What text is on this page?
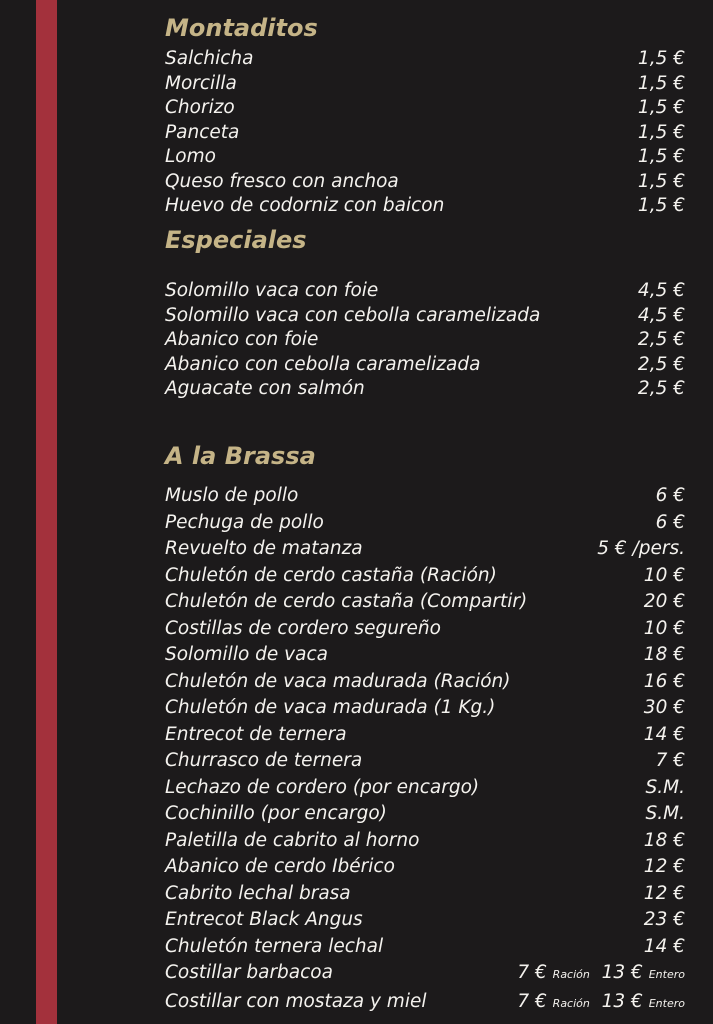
Montaditos
Salchicha	1,5 €
Morcilla	1,5 €
Chorizo	1,5 €
Panceta	1,5 €
Lomo	1,5 €
Queso fresco con anchoa	1,5 €
Huevo de codorniz con baicon	1,5 €
Especiales
Solomillo vaca con foie	4,5 €
Solomillo vaca con cebolla caramelizada	4,5 €
Abanico con foie	2,5 €
Abanico con cebolla caramelizada	2,5 €
Aguacate con salmón	2,5 €
A la Brassa
Muslo de pollo	6 €
Pechuga de pollo	6 €
Revuelto de matanza	5 € /pers.
Chuletón de cerdo castaña (Ración)	10 €
Chuletón de cerdo castaña (Compartir)	20 €
Costillas de cordero segureño	10 €
Solomillo de vaca	18 €
Chuletón de vaca madurada (Ración)	16 €
Chuletón de vaca madurada (1 Kg.)	30 €
Entrecot de ternera	14 €
Churrasco de ternera	7 €
Lechazo de cordero (por encargo)	S.M.
Cochinillo (por encargo)	S.M.
Paletilla de cabrito al horno	18 €
Abanico de cerdo Ibérico	12 €
Cabrito lechal brasa	12 €
Entrecot Black Angus	23 €
Chuletón ternera lechal	14 €
Costillar barbacoa	7 € Ración 13 € Entero
Costillar con mostaza y miel	7 € Ración 13 € Entero
